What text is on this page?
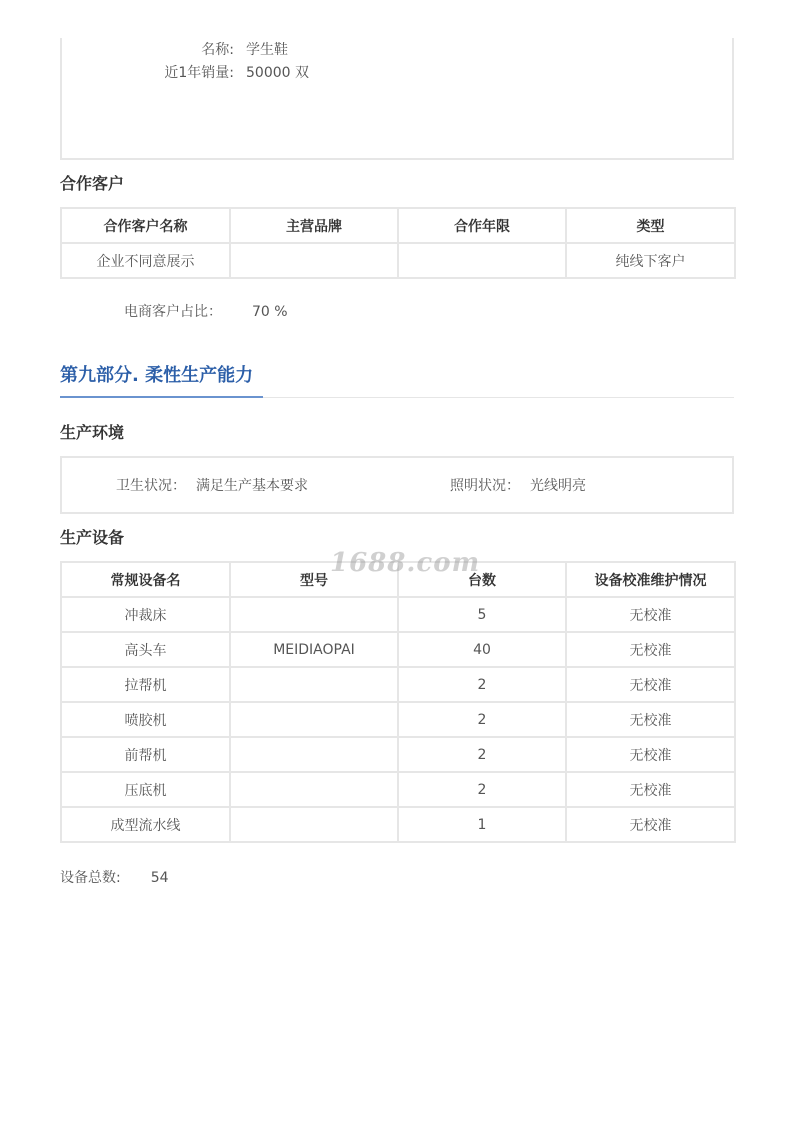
名称: 学生鞋
近1年销量: 50000 双
合作客户
合作客户名称	主营品牌	合作年限	类型
企业不同意展示			纯线下客户
电商客户占比： 70 %
第九部分. 柔性生产能力
生产环境
卫生状况： 满足生产基本要求	照明状况： 光线明亮
生产设备
常规设备名	型号	台数	设备校准维护情况
冲裁床		5	无校准
高头车	MEIDIAOPAI	40	无校准
拉帮机		2	无校准
喷胶机		2	无校准
前帮机		2	无校准
压底机		2	无校准
成型流水线		1	无校准
设备总数: 54
1688.com
